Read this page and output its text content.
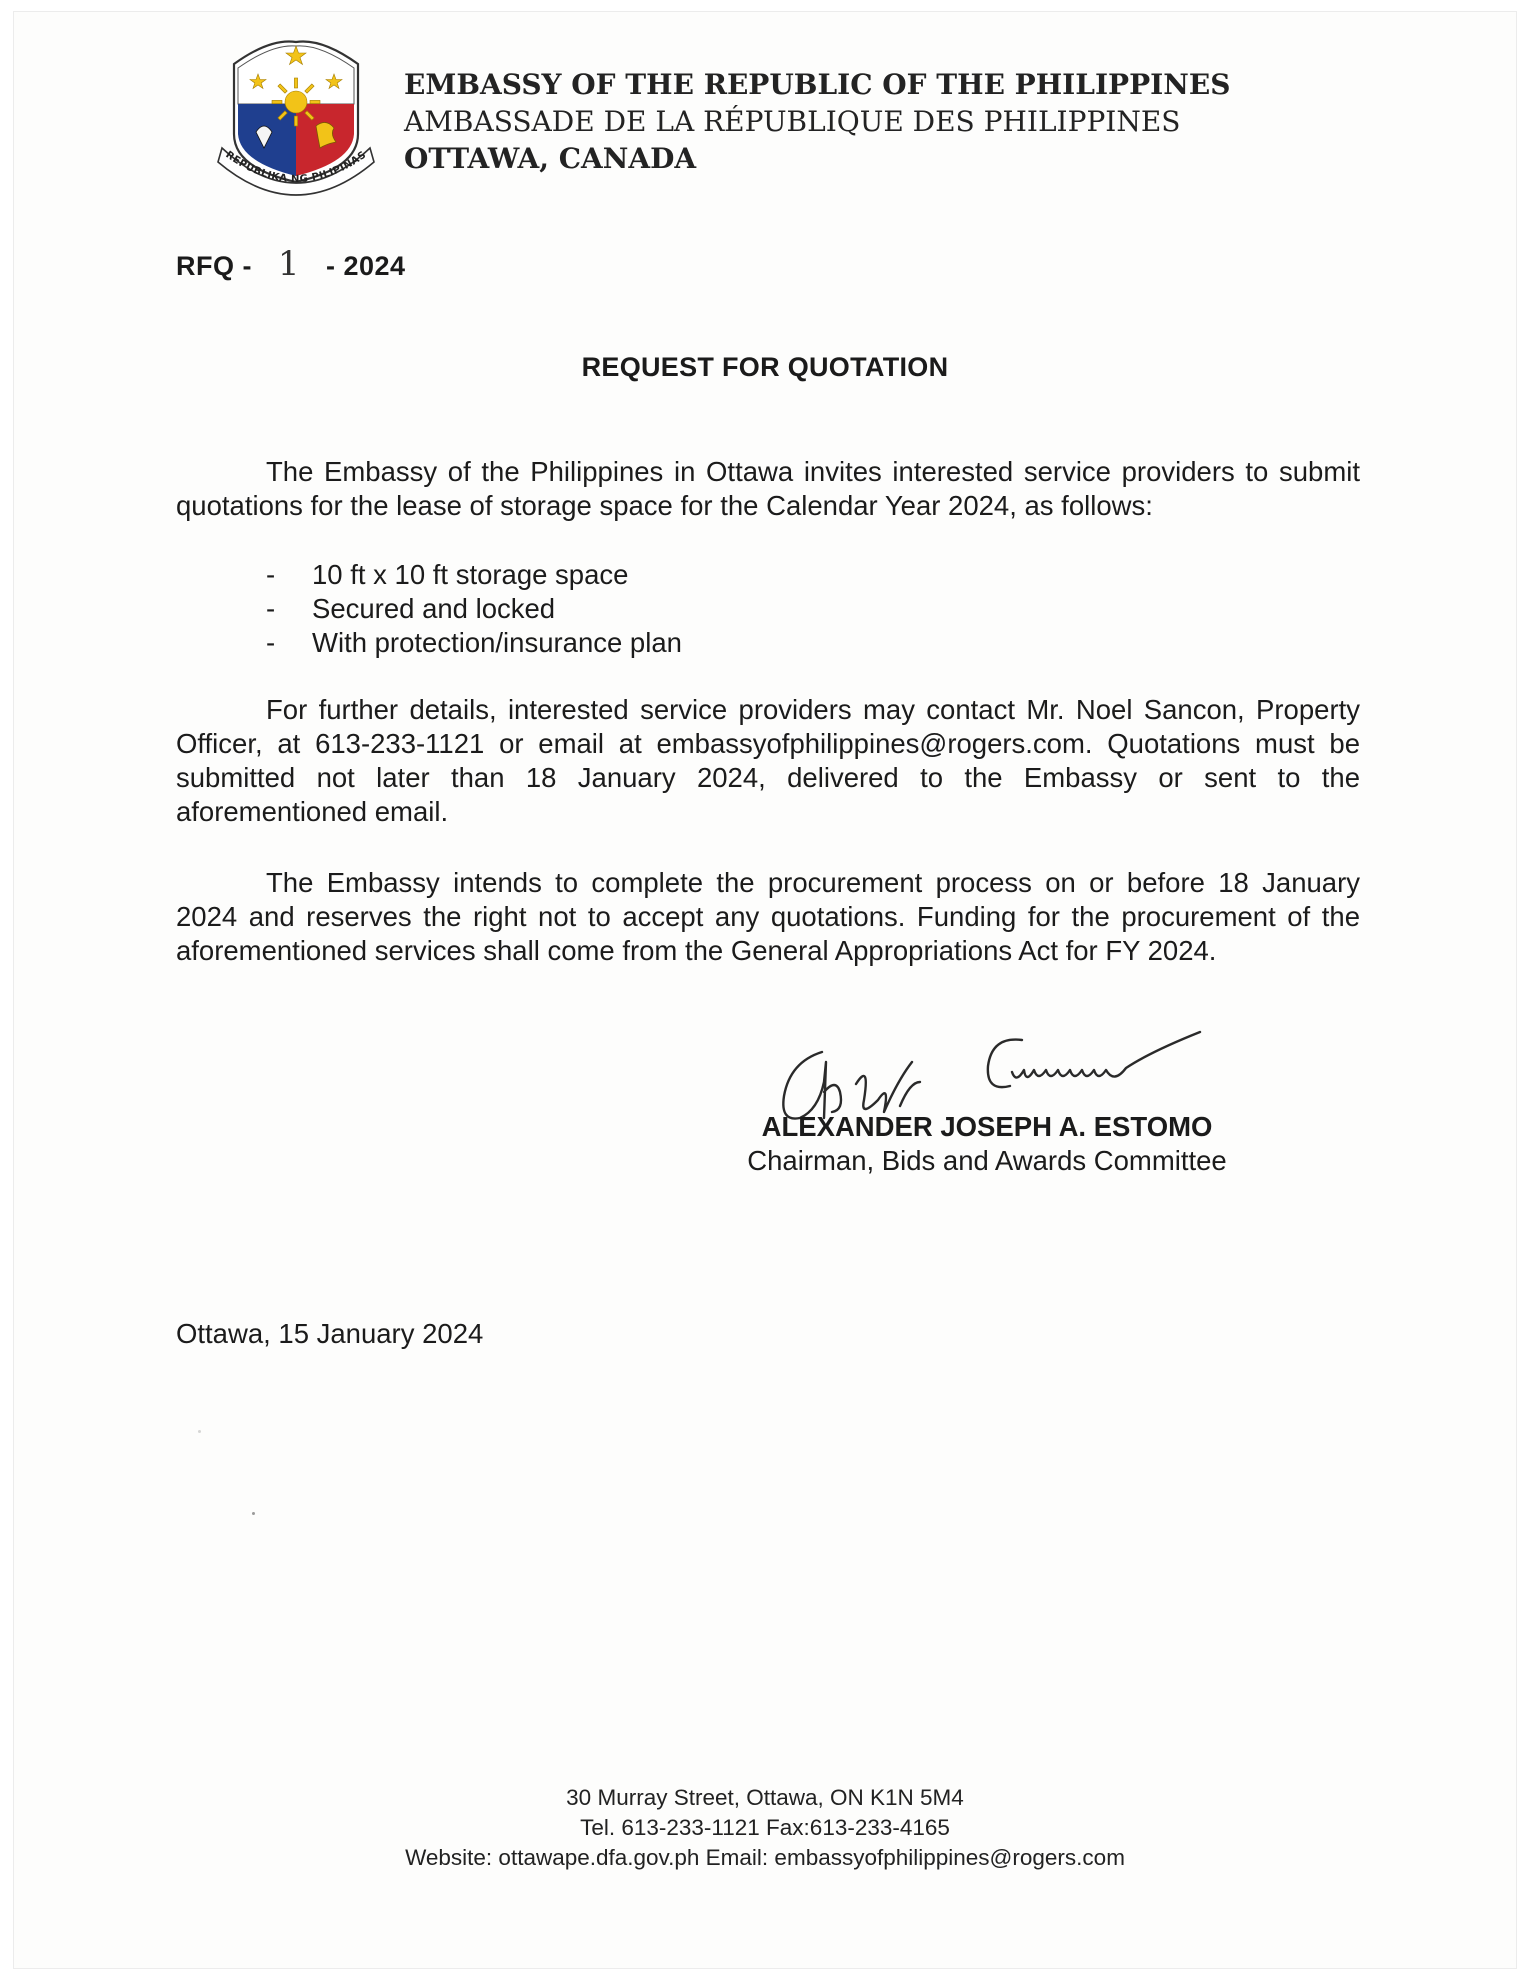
REPUBLIKA NG PILIPINAS
EMBASSY OF THE REPUBLIC OF THE PHILIPPINES
AMBASSADE DE LA RÉPUBLIQUE DES PHILIPPINES
OTTAWA, CANADA
RFQ - 1 - 2024
REQUEST FOR QUOTATION
The Embassy of the Philippines in Ottawa invites interested service providers to submit quotations for the lease of storage space for the Calendar Year 2024, as follows:
- 10 ft x 10 ft storage space
- Secured and locked
- With protection/insurance plan
For further details, interested service providers may contact Mr. Noel Sancon, Property Officer, at 613-233-1121 or email at embassyofphilippines@rogers.com. Quotations must be submitted not later than 18 January 2024, delivered to the Embassy or sent to the aforementioned email.
The Embassy intends to complete the procurement process on or before 18 January 2024 and reserves the right not to accept any quotations. Funding for the procurement of the aforementioned services shall come from the General Appropriations Act for FY 2024.
ALEXANDER JOSEPH A. ESTOMO
Chairman, Bids and Awards Committee
Ottawa, 15 January 2024
30 Murray Street, Ottawa, ON K1N 5M4
Tel. 613-233-1121 Fax:613-233-4165
Website: ottawape.dfa.gov.ph Email: embassyofphilippines@rogers.com
